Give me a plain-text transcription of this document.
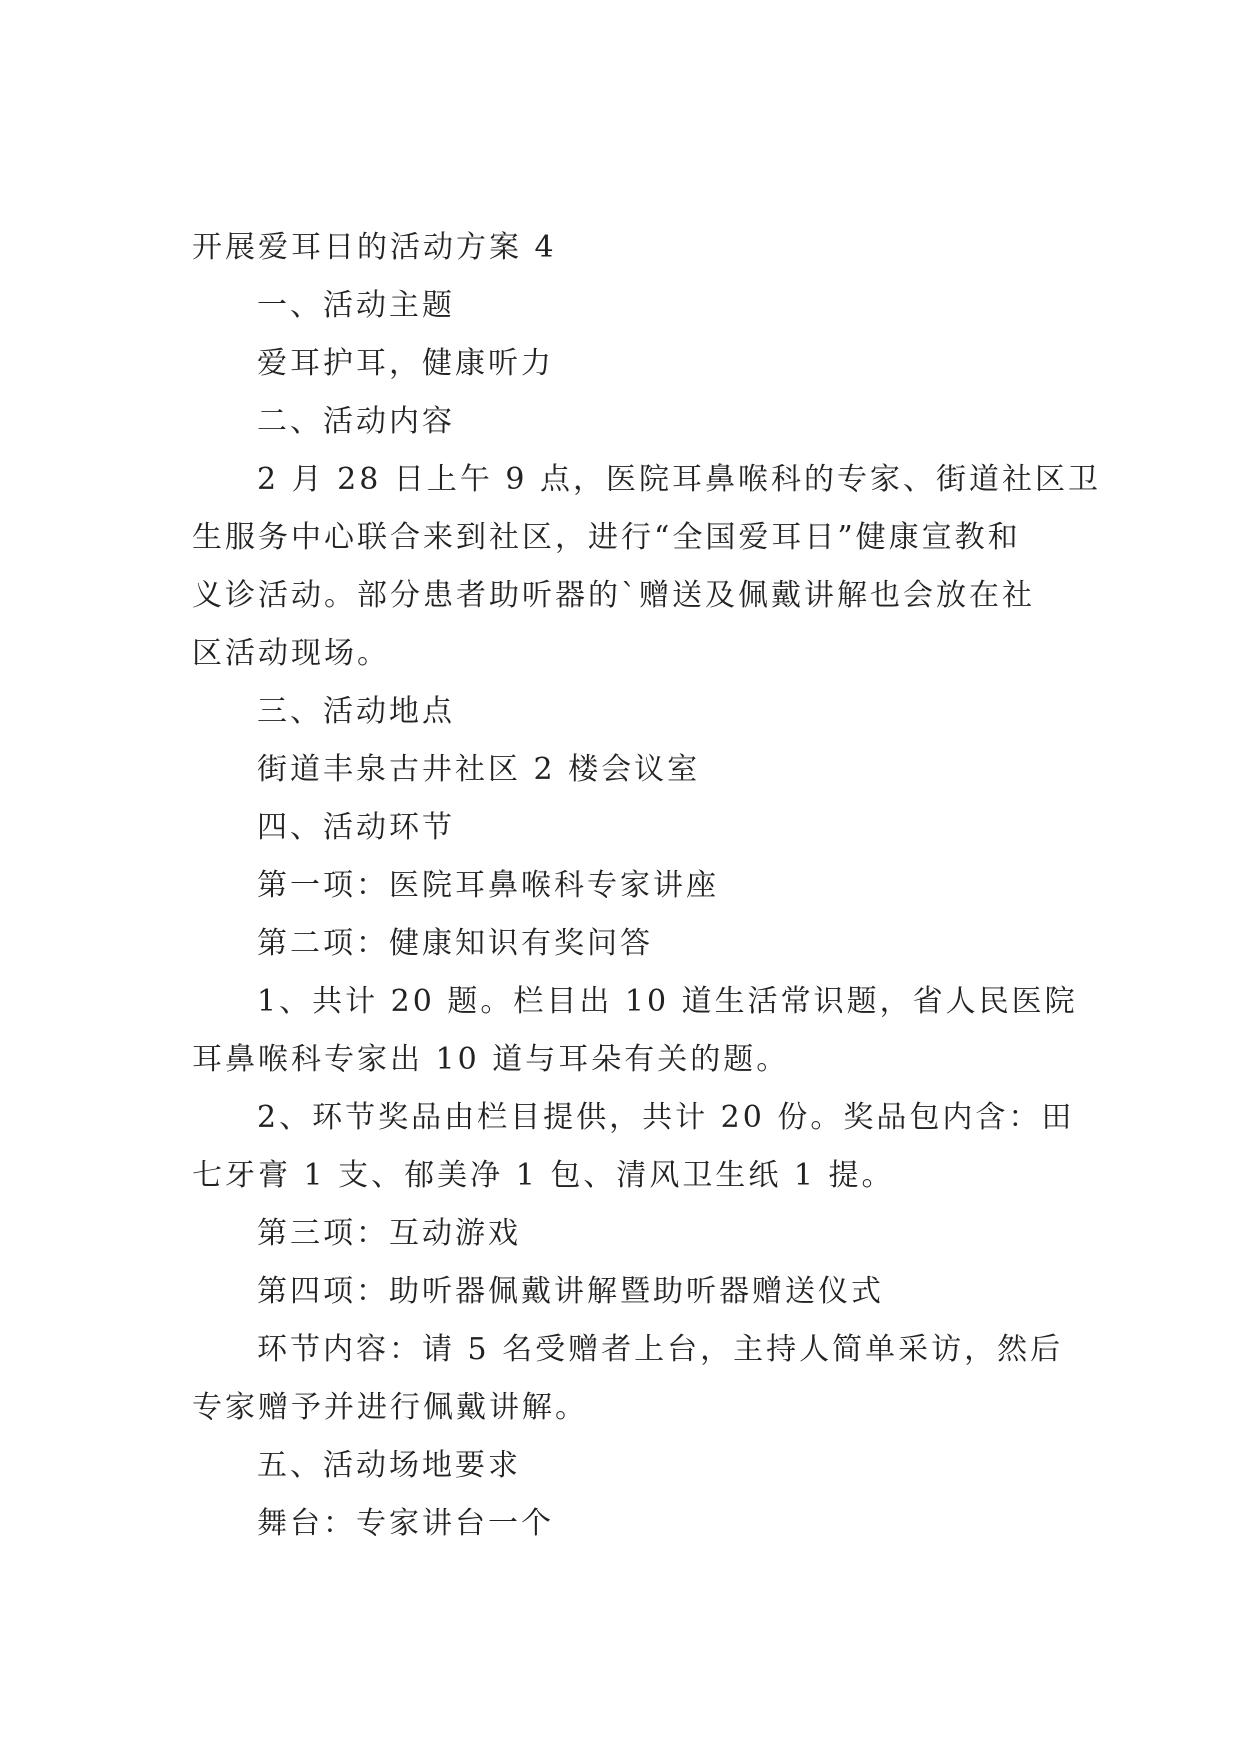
开展爱耳日的活动方案 4
一、活动主题
爱耳护耳，健康听力
二、活动内容
2 月 28 日上午 9 点，医院耳鼻喉科的专家、街道社区卫
生服务中心联合来到社区，进行“全国爱耳日”健康宣教和
义诊活动。部分患者助听器的`赠送及佩戴讲解也会放在社
区活动现场。
三、活动地点
街道丰泉古井社区 2 楼会议室
四、活动环节
第一项：医院耳鼻喉科专家讲座
第二项：健康知识有奖问答
1、共计 20 题。栏目出 10 道生活常识题，省人民医院
耳鼻喉科专家出 10 道与耳朵有关的题。
2、环节奖品由栏目提供，共计 20 份。奖品包内含：田
七牙膏 1 支、郁美净 1 包、清风卫生纸 1 提。
第三项：互动游戏
第四项：助听器佩戴讲解暨助听器赠送仪式
环节内容：请 5 名受赠者上台，主持人简单采访，然后
专家赠予并进行佩戴讲解。
五、活动场地要求
舞台：专家讲台一个
